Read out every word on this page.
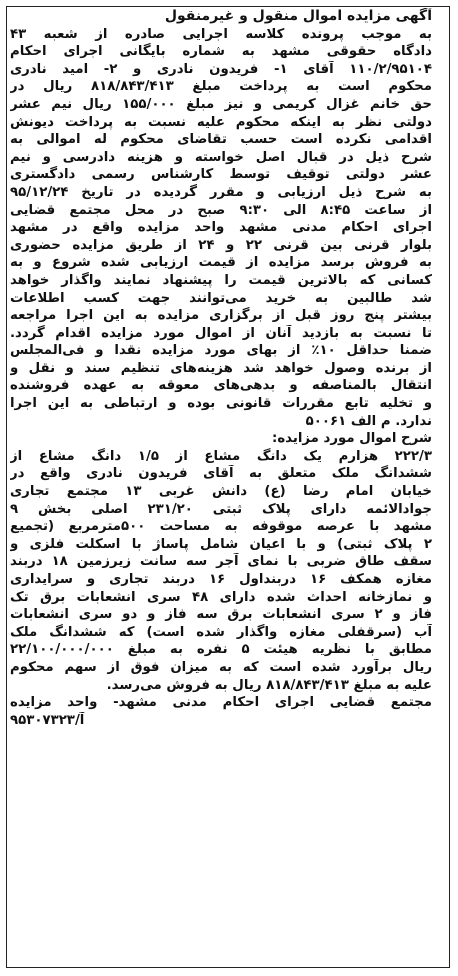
آگهی مزایده اموال منقول و غیرمنقول
به موجب پرونده کلاسه اجرایی صادره از شعبه ۴۳
دادگاه حقوقی مشهد به شماره بایگانی اجرای احکام
۱۱۰/۲/۹۵۱۰۴ آقای ۱- فریدون نادری و ۲- امید نادری
محکوم است به پرداخت مبلغ ۸۱۸/۸۴۳/۴۱۳ ریال در
حق خانم غزال کریمی و نیز مبلغ ۱۵۵/۰۰۰ ریال نیم عشر
دولتی نظر به اینکه محکوم علیه نسبت به پرداخت دیونش
اقدامی نکرده است حسب تقاضای محکوم له اموالی به
شرح ذیل در قبال اصل خواسته و هزینه دادرسی و نیم
عشر دولتی توقیف توسط کارشناس رسمی دادگستری
به شرح ذیل ارزیابی و مقرر گردیده در تاریخ ۹۵/۱۲/۲۴
از ساعت ۸:۴۵ الی ۹:۳۰ صبح در محل مجتمع قضایی
اجرای احکام مدنی مشهد واحد مزایده واقع در مشهد
بلوار قرنی بین قرنی ۲۲ و ۲۴ از طریق مزایده حضوری
به فروش برسد مزایده از قیمت ارزیابی شده شروع و به
کسانی که بالاترین قیمت را پیشنهاد نمایند واگذار خواهد
شد طالبین به خرید می‌توانند جهت کسب اطلاعات
بیشتر پنج روز قبل از برگزاری مزایده به این اجرا مراجعه
تا نسبت به بازدید آنان از اموال مورد مزایده اقدام گردد.
ضمنا حداقل ۱۰٪ از بهای مورد مزایده نقدا و فی‌المجلس
از برنده وصول خواهد شد هزینه‌های تنظیم سند و نقل و
انتقال بالمناصفه و بدهی‌های معوقه به عهده فروشنده
و تخلیه تابع مقررات قانونی بوده و ارتباطی به این اجرا
ندارد. م الف ۵۰۰۶۱
شرح اموال مورد مزایده:
۲۲۲/۳ هزارم یک دانگ مشاع از ۱/۵ دانگ مشاع از
ششدانگ ملک متعلق به آقای فریدون نادری واقع در
خیابان امام رضا (ع) دانش غربی ۱۳ مجتمع تجاری
جوادالائمه دارای پلاک ثبتی ۲۳۱/۲۰ اصلی بخش ۹
مشهد با عرصه موقوفه به مساحت ۵۰۰مترمربع (تجمیع
۲ پلاک ثبتی) و با اعیان شامل پاساژ با اسکلت فلزی و
سقف طاق ضربی با نمای آجر سه سانت زیرزمین ۱۸ دربند
مغازه همکف ۱۶ دربنداول ۱۶ دربند تجاری و سرایداری
و نمازخانه احداث شده دارای ۴۸ سری انشعابات برق تک
فاز و ۲ سری انشعابات برق سه فاز و دو سری انشعابات
آب (سرقفلی مغازه واگذار شده است) که ششدانگ ملک
مطابق با نظریه هیئت ۵ نفره به مبلغ ۲۲/۱۰۰/۰۰۰/۰۰۰
ریال برآورد شده است که به میزان فوق از سهم محکوم
علیه به مبلغ ۸۱۸/۸۴۳/۴۱۳ ریال به فروش می‌رسد.
مجتمع قضایی اجرای احکام مدنی مشهد- واحد مزایده
آ/۹۵۳۰۷۳۲۳
